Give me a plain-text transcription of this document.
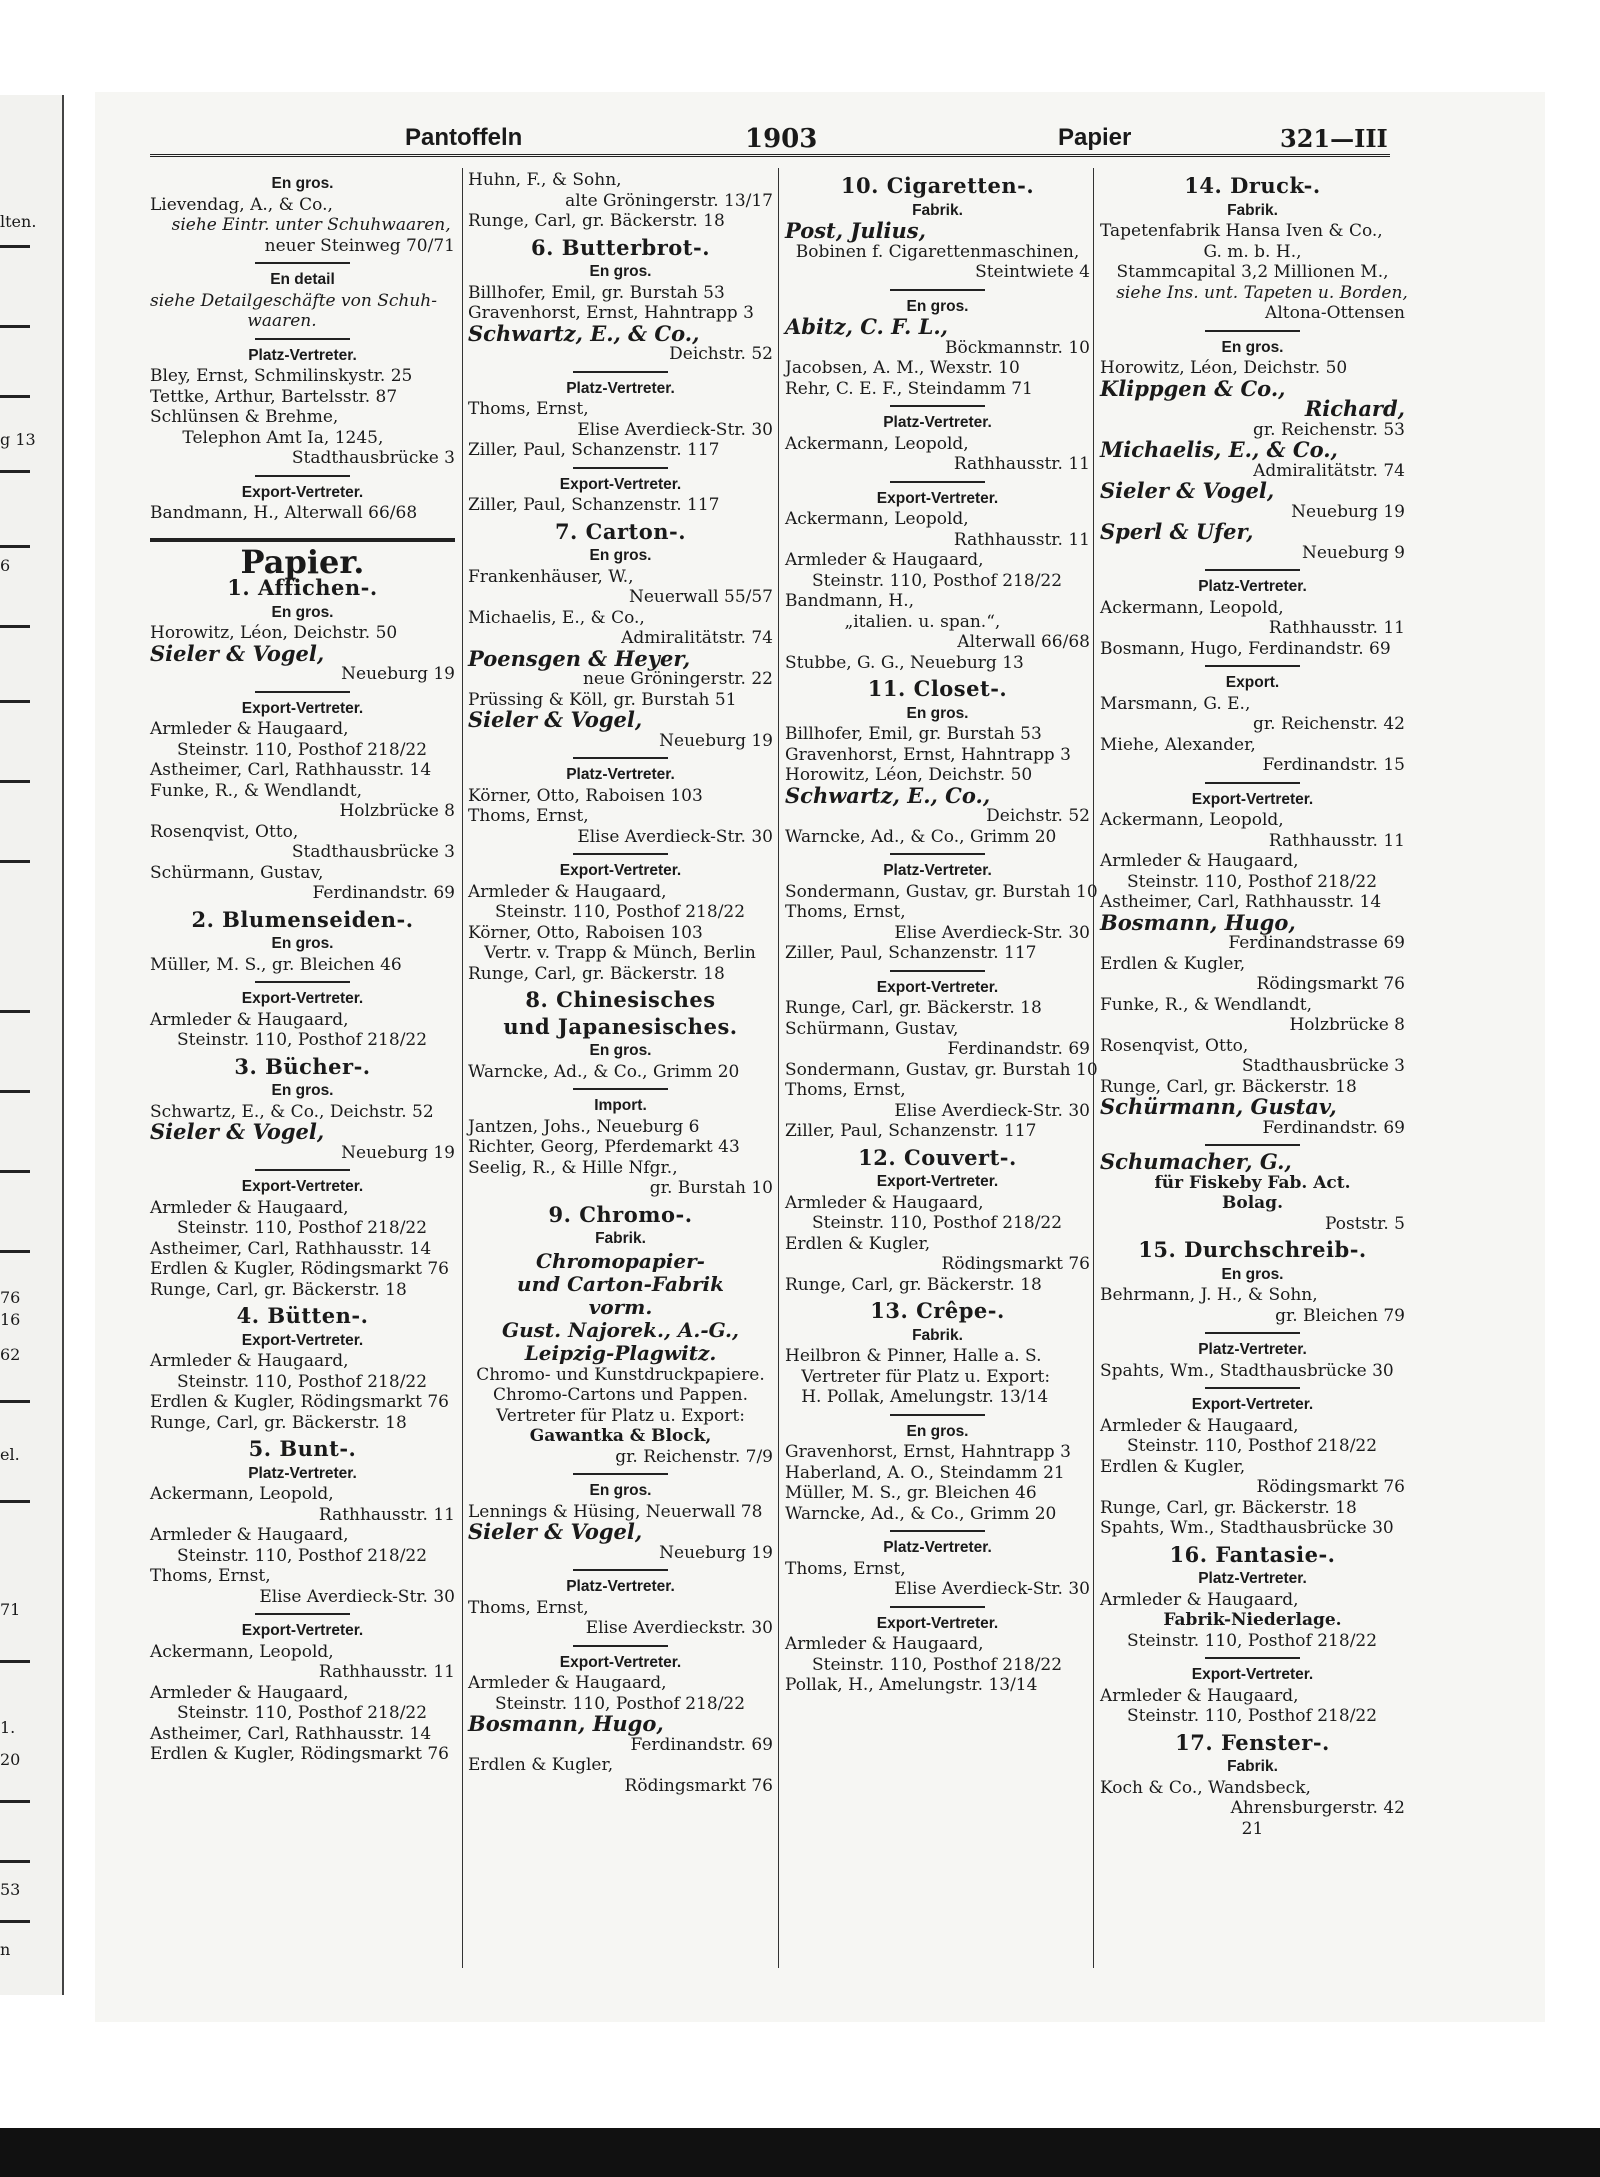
Pantoffeln	1903	Papier	321—III
lten.
g 13
6
76
16
62
el.
71
1.
20
53
n
En gros.
Lievendag, A., & Co.,
siehe Eintr. unter Schuhwaaren,
neuer Steinweg 70/71
En detail
siehe Detailgeschäfte von Schuh-
waaren.
Platz-Vertreter.
Bley, Ernst, Schmilinskystr. 25
Tettke, Arthur, Bartelsstr. 87
Schlünsen & Brehme,
Telephon Amt Ia, 1245,
Stadthausbrücke 3
Export-Vertreter.
Bandmann, H., Alterwall 66/68
Papier.
1. Affichen-.
En gros.
Horowitz, Léon, Deichstr. 50
Sieler & Vogel,
Neueburg 19
Export-Vertreter.
Armleder & Haugaard,
Steinstr. 110, Posthof 218/22
Astheimer, Carl, Rathhausstr. 14
Funke, R., & Wendlandt,
Holzbrücke 8
Rosenqvist, Otto,
Stadthausbrücke 3
Schürmann, Gustav,
Ferdinandstr. 69
2. Blumenseiden-.
En gros.
Müller, M. S., gr. Bleichen 46
Export-Vertreter.
Armleder & Haugaard,
Steinstr. 110, Posthof 218/22
3. Bücher-.
En gros.
Schwartz, E., & Co., Deichstr. 52
Sieler & Vogel,
Neueburg 19
Export-Vertreter.
Armleder & Haugaard,
Steinstr. 110, Posthof 218/22
Astheimer, Carl, Rathhausstr. 14
Erdlen & Kugler, Rödingsmarkt 76
Runge, Carl, gr. Bäckerstr. 18
4. Bütten-.
Export-Vertreter.
Armleder & Haugaard,
Steinstr. 110, Posthof 218/22
Erdlen & Kugler, Rödingsmarkt 76
Runge, Carl, gr. Bäckerstr. 18
5. Bunt-.
Platz-Vertreter.
Ackermann, Leopold,
Rathhausstr. 11
Armleder & Haugaard,
Steinstr. 110, Posthof 218/22
Thoms, Ernst,
Elise Averdieck-Str. 30
Export-Vertreter.
Ackermann, Leopold,
Rathhausstr. 11
Armleder & Haugaard,
Steinstr. 110, Posthof 218/22
Astheimer, Carl, Rathhausstr. 14
Erdlen & Kugler, Rödingsmarkt 76
Huhn, F., & Sohn,
alte Gröningerstr. 13/17
Runge, Carl, gr. Bäckerstr. 18
6. Butterbrot-.
En gros.
Billhofer, Emil, gr. Burstah 53
Gravenhorst, Ernst, Hahntrapp 3
Schwartz, E., & Co.,
Deichstr. 52
Platz-Vertreter.
Thoms, Ernst,
Elise Averdieck-Str. 30
Ziller, Paul, Schanzenstr. 117
Export-Vertreter.
Ziller, Paul, Schanzenstr. 117
7. Carton-.
En gros.
Frankenhäuser, W.,
Neuerwall 55/57
Michaelis, E., & Co.,
Admiralitätstr. 74
Poensgen & Heyer,
neue Gröningerstr. 22
Prüssing & Köll, gr. Burstah 51
Sieler & Vogel,
Neueburg 19
Platz-Vertreter.
Körner, Otto, Raboisen 103
Thoms, Ernst,
Elise Averdieck-Str. 30
Export-Vertreter.
Armleder & Haugaard,
Steinstr. 110, Posthof 218/22
Körner, Otto, Raboisen 103
Vertr. v. Trapp & Münch, Berlin
Runge, Carl, gr. Bäckerstr. 18
8. Chinesisches
und Japanesisches.
En gros.
Warncke, Ad., & Co., Grimm 20
Import.
Jantzen, Johs., Neueburg 6
Richter, Georg, Pferdemarkt 43
Seelig, R., & Hille Nfgr.,
gr. Burstah 10
9. Chromo-.
Fabrik.
Chromopapier-
und Carton-Fabrik
vorm.
Gust. Najorek., A.-G.,
Leipzig-Plagwitz.
Chromo- und Kunstdruckpapiere.
Chromo-Cartons und Pappen.
Vertreter für Platz u. Export:
Gawantka & Block,
gr. Reichenstr. 7/9
En gros.
Lennings & Hüsing, Neuerwall 78
Sieler & Vogel,
Neueburg 19
Platz-Vertreter.
Thoms, Ernst,
Elise Averdieckstr. 30
Export-Vertreter.
Armleder & Haugaard,
Steinstr. 110, Posthof 218/22
Bosmann, Hugo,
Ferdinandstr. 69
Erdlen & Kugler,
Rödingsmarkt 76
10. Cigaretten-.
Fabrik.
Post, Julius,
Bobinen f. Cigarettenmaschinen,
Steintwiete 4
En gros.
Abitz, C. F. L.,
Böckmannstr. 10
Jacobsen, A. M., Wexstr. 10
Rehr, C. E. F., Steindamm 71
Platz-Vertreter.
Ackermann, Leopold,
Rathhausstr. 11
Export-Vertreter.
Ackermann, Leopold,
Rathhausstr. 11
Armleder & Haugaard,
Steinstr. 110, Posthof 218/22
Bandmann, H.,
„italien. u. span.“,
Alterwall 66/68
Stubbe, G. G., Neueburg 13
11. Closet-.
En gros.
Billhofer, Emil, gr. Burstah 53
Gravenhorst, Ernst, Hahntrapp 3
Horowitz, Léon, Deichstr. 50
Schwartz, E., Co.,
Deichstr. 52
Warncke, Ad., & Co., Grimm 20
Platz-Vertreter.
Sondermann, Gustav, gr. Burstah 10
Thoms, Ernst,
Elise Averdieck-Str. 30
Ziller, Paul, Schanzenstr. 117
Export-Vertreter.
Runge, Carl, gr. Bäckerstr. 18
Schürmann, Gustav,
Ferdinandstr. 69
Sondermann, Gustav, gr. Burstah 10
Thoms, Ernst,
Elise Averdieck-Str. 30
Ziller, Paul, Schanzenstr. 117
12. Couvert-.
Export-Vertreter.
Armleder & Haugaard,
Steinstr. 110, Posthof 218/22
Erdlen & Kugler,
Rödingsmarkt 76
Runge, Carl, gr. Bäckerstr. 18
13. Crêpe-.
Fabrik.
Heilbron & Pinner, Halle a. S.
Vertreter für Platz u. Export:
H. Pollak, Amelungstr. 13/14
En gros.
Gravenhorst, Ernst, Hahntrapp 3
Haberland, A. O., Steindamm 21
Müller, M. S., gr. Bleichen 46
Warncke, Ad., & Co., Grimm 20
Platz-Vertreter.
Thoms, Ernst,
Elise Averdieck-Str. 30
Export-Vertreter.
Armleder & Haugaard,
Steinstr. 110, Posthof 218/22
Pollak, H., Amelungstr. 13/14
14. Druck-.
Fabrik.
Tapetenfabrik Hansa Iven & Co.,
G. m. b. H.,
Stammcapital 3,2 Millionen M.,
siehe Ins. unt. Tapeten u. Borden,
Altona-Ottensen
En gros.
Horowitz, Léon, Deichstr. 50
Klippgen & Co.,
Richard,
gr. Reichenstr. 53
Michaelis, E., & Co.,
Admiralitätstr. 74
Sieler & Vogel,
Neueburg 19
Sperl & Ufer,
Neueburg 9
Platz-Vertreter.
Ackermann, Leopold,
Rathhausstr. 11
Bosmann, Hugo, Ferdinandstr. 69
Export.
Marsmann, G. E.,
gr. Reichenstr. 42
Miehe, Alexander,
Ferdinandstr. 15
Export-Vertreter.
Ackermann, Leopold,
Rathhausstr. 11
Armleder & Haugaard,
Steinstr. 110, Posthof 218/22
Astheimer, Carl, Rathhausstr. 14
Bosmann, Hugo,
Ferdinandstrasse 69
Erdlen & Kugler,
Rödingsmarkt 76
Funke, R., & Wendlandt,
Holzbrücke 8
Rosenqvist, Otto,
Stadthausbrücke 3
Runge, Carl, gr. Bäckerstr. 18
Schürmann, Gustav,
Ferdinandstr. 69
Schumacher, G.,
für Fiskeby Fab. Act.
Bolag.
Poststr. 5
15. Durchschreib-.
En gros.
Behrmann, J. H., & Sohn,
gr. Bleichen 79
Platz-Vertreter.
Spahts, Wm., Stadthausbrücke 30
Export-Vertreter.
Armleder & Haugaard,
Steinstr. 110, Posthof 218/22
Erdlen & Kugler,
Rödingsmarkt 76
Runge, Carl, gr. Bäckerstr. 18
Spahts, Wm., Stadthausbrücke 30
16. Fantasie-.
Platz-Vertreter.
Armleder & Haugaard,
Fabrik-Niederlage.
Steinstr. 110, Posthof 218/22
Export-Vertreter.
Armleder & Haugaard,
Steinstr. 110, Posthof 218/22
17. Fenster-.
Fabrik.
Koch & Co., Wandsbeck,
Ahrensburgerstr. 42
21
